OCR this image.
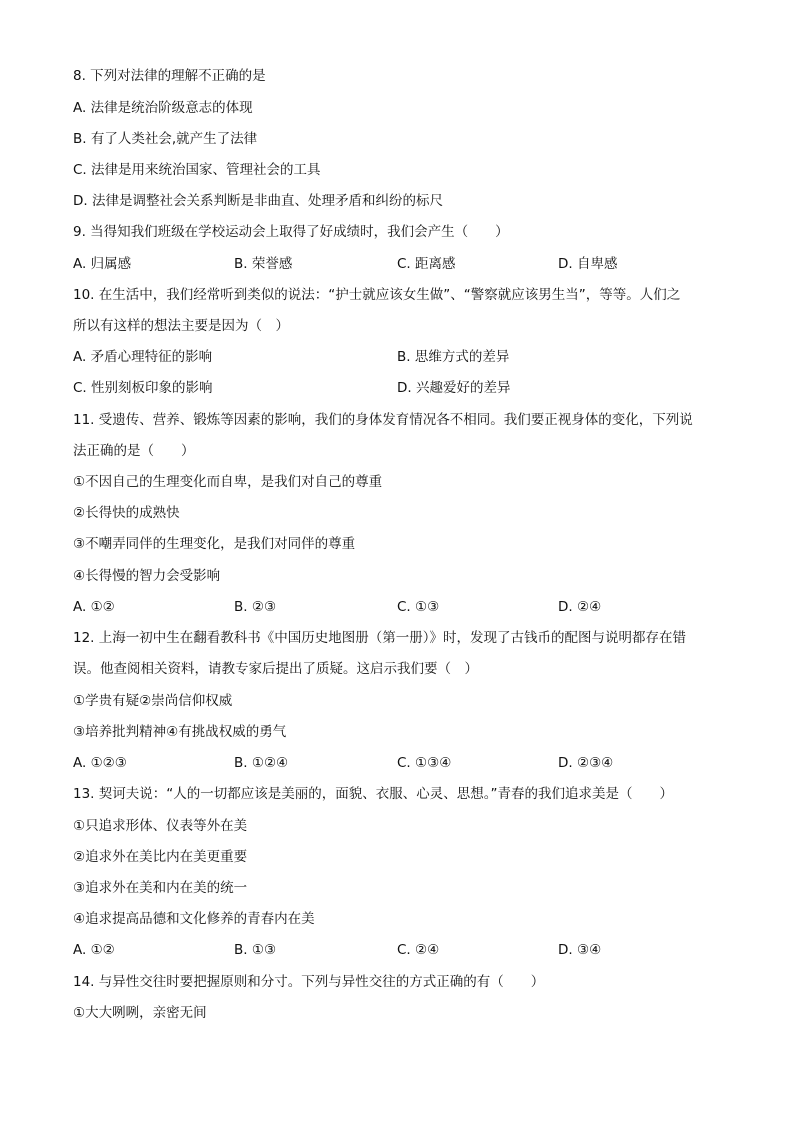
8. 下列对法律的理解不正确的是
A. 法律是统治阶级意志的体现
B. 有了人类社会,就产生了法律
C. 法律是用来统治国家、管理社会的工具
D. 法律是调整社会关系判断是非曲直、处理矛盾和纠纷的标尺
9. 当得知我们班级在学校运动会上取得了好成绩时，我们会产生（　　）
A. 归属感	B. 荣誉感	C. 距离感	D. 自卑感
10. 在生活中，我们经常听到类似的说法：“护士就应该女生做”、“警察就应该男生当”，等等。人们之
所以有这样的想法主要是因为（　）
A. 矛盾心理特征的影响	B. 思维方式的差异
C. 性别刻板印象的影响	D. 兴趣爱好的差异
11. 受遗传、营养、锻炼等因素的影响，我们的身体发育情况各不相同。我们要正视身体的变化，下列说
法正确的是（　　）
①不因自己的生理变化而自卑，是我们对自己的尊重
②长得快的成熟快
③不嘲弄同伴的生理变化，是我们对同伴的尊重
④长得慢的智力会受影响
A. ①②	B. ②③	C. ①③	D. ②④
12. 上海一初中生在翻看教科书《中国历史地图册（第一册）》时，发现了古钱币的配图与说明都存在错
误。他查阅相关资料，请教专家后提出了质疑。这启示我们要（　）
①学贵有疑②崇尚信仰权威
③培养批判精神④有挑战权威的勇气
A. ①②③	B. ①②④	C. ①③④	D. ②③④
13. 契诃夫说：“人的一切都应该是美丽的，面貌、衣服、心灵、思想。”青春的我们追求美是（　　）
①只追求形体、仪表等外在美
②追求外在美比内在美更重要
③追求外在美和内在美的统一
④追求提高品德和文化修养的青春内在美
A. ①②	B. ①③	C. ②④	D. ③④
14. 与异性交往时要把握原则和分寸。下列与异性交往的方式正确的有（　　）
①大大咧咧，亲密无间
